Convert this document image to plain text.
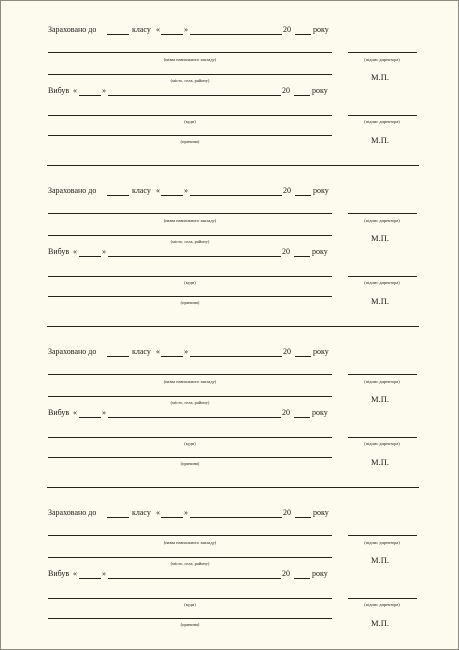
Зараховано до	класу «	»	20	року
(назва навчального закладу)	(підпис директора)
М.П.
(місто, села, району)
Вибув «	»	20	року
(куди)	(підпис директора)
М.П.
(причина)
Зараховано до	класу «	»	20	року
(назва навчального закладу)	(підпис директора)
М.П.
(місто, села, району)
Вибув «	»	20	року
(куди)	(підпис директора)
М.П.
(причина)
Зараховано до	класу «	»	20	року
(назва навчального закладу)	(підпис директора)
М.П.
(місто, села, району)
Вибув «	»	20	року
(куди)	(підпис директора)
М.П.
(причина)
Зараховано до	класу «	»	20	року
(назва навчального закладу)	(підпис директора)
М.П.
(місто, села, району)
Вибув «	»	20	року
(куди)	(підпис директора)
М.П.
(причина)
